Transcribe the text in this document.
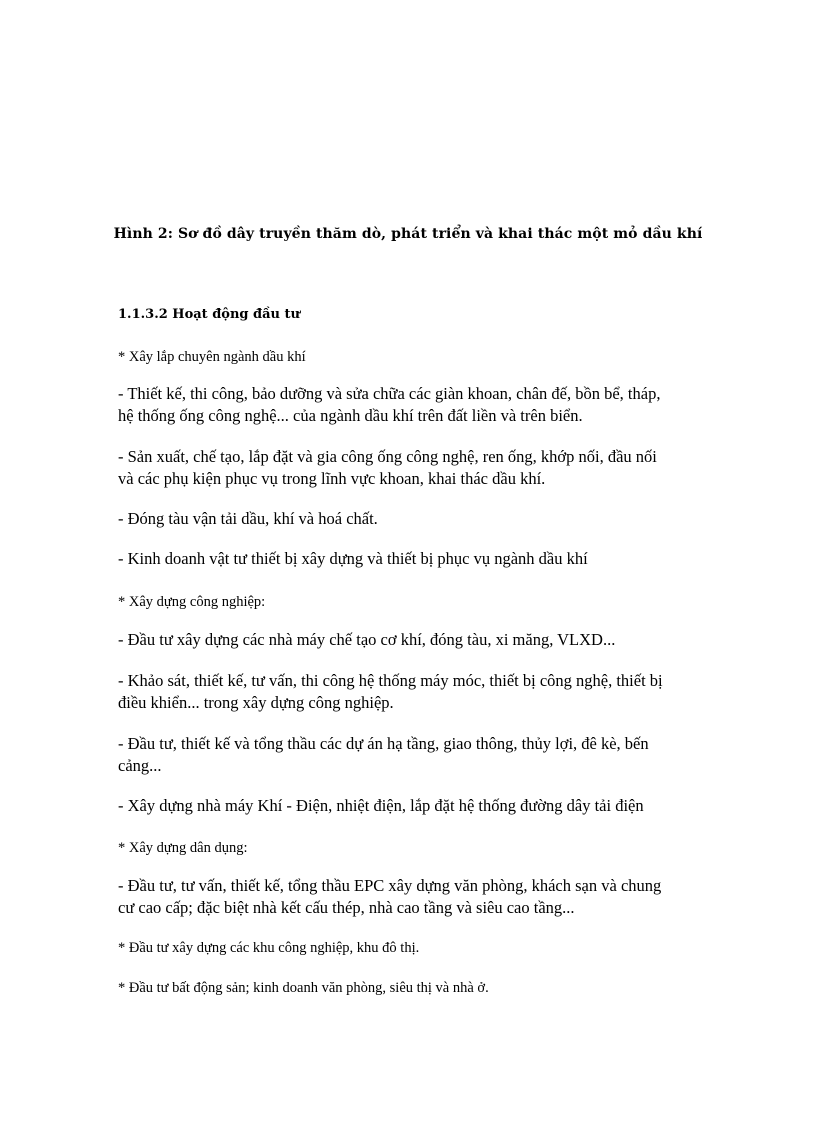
Hình 2: Sơ đồ dây truyền thăm dò, phát triển và khai thác một mỏ dầu khí
1.1.3.2 Hoạt động đầu tư
* Xây lắp chuyên ngành dầu khí
- Thiết kế, thi công, bảo dưỡng và sửa chữa các giàn khoan, chân đế, bồn bể, tháp,
hệ thống ống công nghệ... của ngành dầu khí trên đất liền và trên biển.
- Sản xuất, chế tạo, lắp đặt và gia công ống công nghệ, ren ống, khớp nối, đầu nối
và các phụ kiện phục vụ trong lĩnh vực khoan, khai thác dầu khí.
- Đóng tàu vận tải dầu, khí và hoá chất.
- Kinh doanh vật tư thiết bị xây dựng và thiết bị phục vụ ngành dầu khí
* Xây dựng công nghiệp:
- Đầu tư xây dựng các nhà máy chế tạo cơ khí, đóng tàu, xi măng, VLXD...
- Khảo sát, thiết kế, tư vấn, thi công hệ thống máy móc, thiết bị công nghệ, thiết bị
điều khiển... trong xây dựng công nghiệp.
- Đầu tư, thiết kế và tổng thầu các dự án hạ tầng, giao thông, thủy lợi, đê kè, bến
cảng...
- Xây dựng nhà máy Khí - Điện, nhiệt điện, lắp đặt hệ thống đường dây tải điện
* Xây dựng dân dụng:
- Đầu tư, tư vấn, thiết kế, tổng thầu EPC xây dựng văn phòng, khách sạn và chung
cư cao cấp; đặc biệt nhà kết cấu thép, nhà cao tầng và siêu cao tầng...
* Đầu tư xây dựng các khu công nghiệp, khu đô thị.
* Đầu tư bất động sản; kinh doanh văn phòng, siêu thị và nhà ở.
